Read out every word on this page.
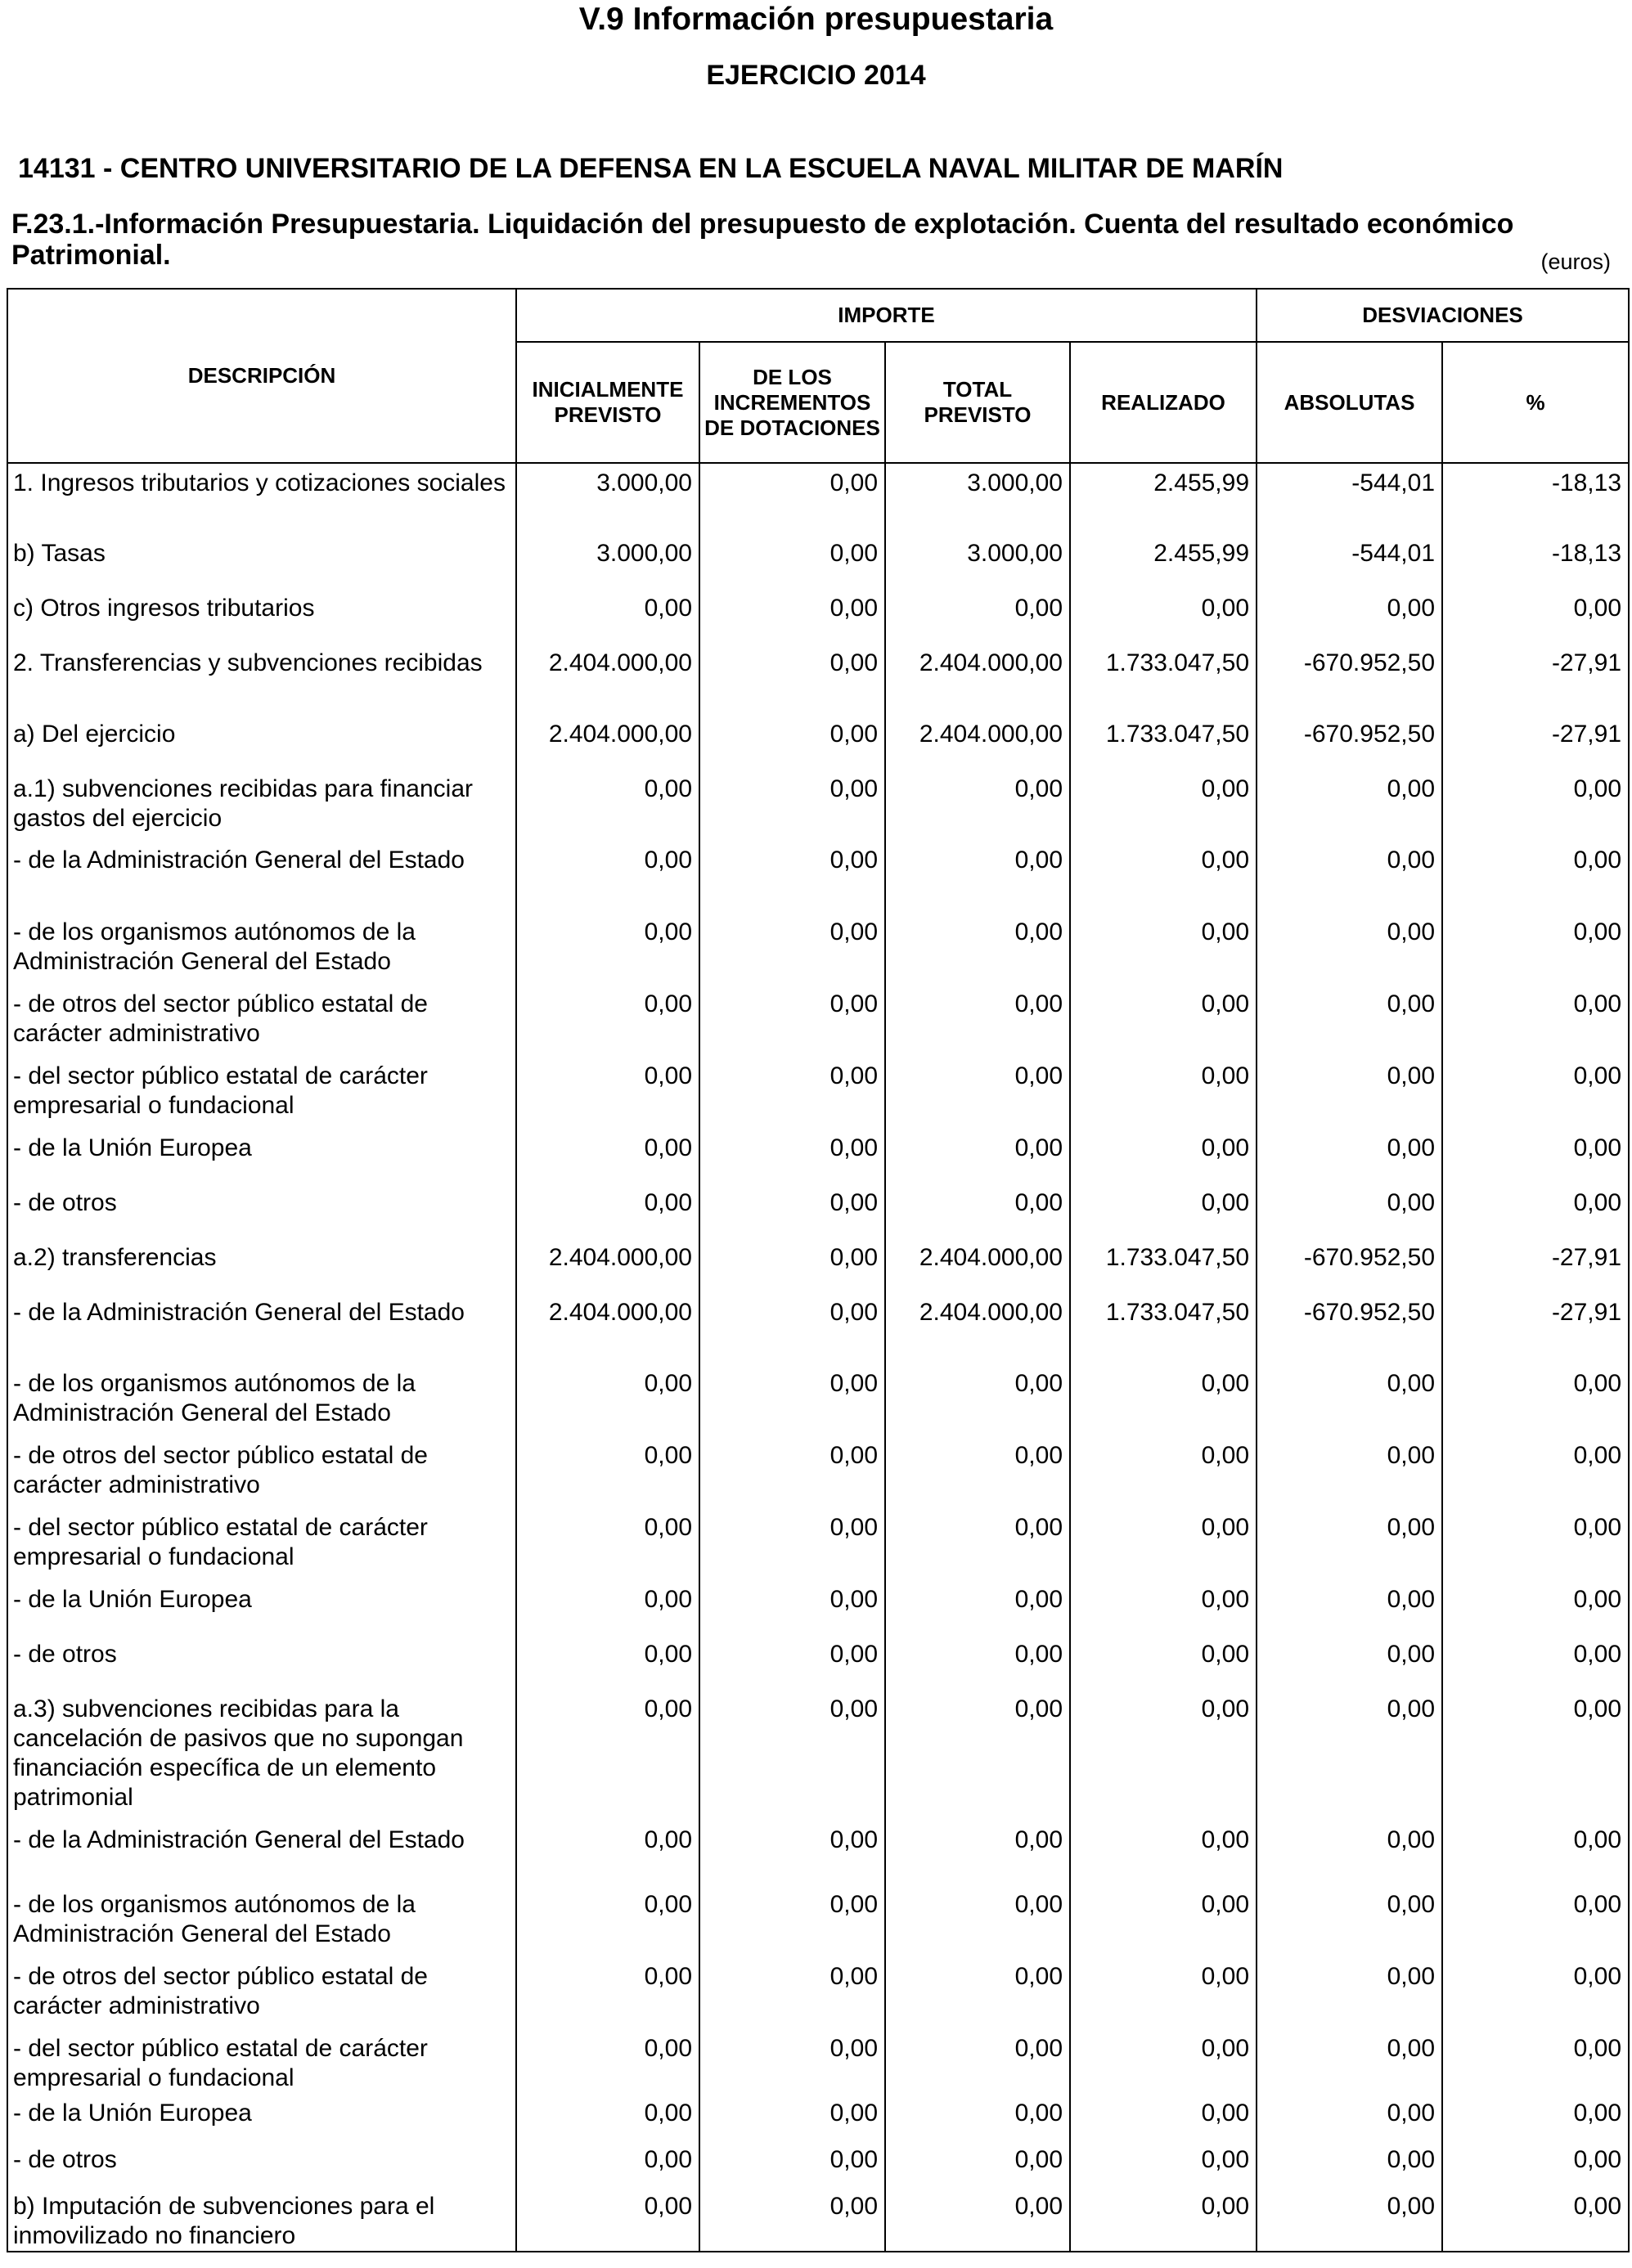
V.9 Información presupuestaria
EJERCICIO 2014

14131 - CENTRO UNIVERSITARIO DE LA DEFENSA EN LA ESCUELA NAVAL MILITAR DE MARÍN

F.23.1.-Información Presupuestaria. Liquidación del presupuesto de explotación. Cuenta del resultado económico Patrimonial.	(euros)

DESCRIPCIÓN	IMPORTE				DESVIACIONES	
	INICIALMENTE PREVISTO	DE LOS INCREMENTOS DE DOTACIONES	TOTAL PREVISTO	REALIZADO	ABSOLUTAS	%
1. Ingresos tributarios y cotizaciones sociales	3.000,00	0,00	3.000,00	2.455,99	-544,01	-18,13
b) Tasas	3.000,00	0,00	3.000,00	2.455,99	-544,01	-18,13
c) Otros ingresos tributarios	0,00	0,00	0,00	0,00	0,00	0,00
2. Transferencias y subvenciones recibidas	2.404.000,00	0,00	2.404.000,00	1.733.047,50	-670.952,50	-27,91
a) Del ejercicio	2.404.000,00	0,00	2.404.000,00	1.733.047,50	-670.952,50	-27,91
a.1) subvenciones recibidas para financiar gastos del ejercicio	0,00	0,00	0,00	0,00	0,00	0,00
- de la Administración General del Estado	0,00	0,00	0,00	0,00	0,00	0,00
- de los organismos autónomos de la Administración General del Estado	0,00	0,00	0,00	0,00	0,00	0,00
- de otros del sector público estatal de carácter administrativo	0,00	0,00	0,00	0,00	0,00	0,00
- del sector público estatal de carácter empresarial o fundacional	0,00	0,00	0,00	0,00	0,00	0,00
- de la Unión Europea	0,00	0,00	0,00	0,00	0,00	0,00
- de otros	0,00	0,00	0,00	0,00	0,00	0,00
a.2) transferencias	2.404.000,00	0,00	2.404.000,00	1.733.047,50	-670.952,50	-27,91
- de la Administración General del Estado	2.404.000,00	0,00	2.404.000,00	1.733.047,50	-670.952,50	-27,91
- de los organismos autónomos de la Administración General del Estado	0,00	0,00	0,00	0,00	0,00	0,00
- de otros del sector público estatal de carácter administrativo	0,00	0,00	0,00	0,00	0,00	0,00
- del sector público estatal de carácter empresarial o fundacional	0,00	0,00	0,00	0,00	0,00	0,00
- de la Unión Europea	0,00	0,00	0,00	0,00	0,00	0,00
- de otros	0,00	0,00	0,00	0,00	0,00	0,00
a.3) subvenciones recibidas para la cancelación de pasivos que no supongan financiación específica de un elemento patrimonial	0,00	0,00	0,00	0,00	0,00	0,00
- de la Administración General del Estado	0,00	0,00	0,00	0,00	0,00	0,00
- de los organismos autónomos de la Administración General del Estado	0,00	0,00	0,00	0,00	0,00	0,00
- de otros del sector público estatal de carácter administrativo	0,00	0,00	0,00	0,00	0,00	0,00
- del sector público estatal de carácter empresarial o fundacional	0,00	0,00	0,00	0,00	0,00	0,00
- de la Unión Europea	0,00	0,00	0,00	0,00	0,00	0,00
- de otros	0,00	0,00	0,00	0,00	0,00	0,00
b) Imputación de subvenciones para el inmovilizado no financiero	0,00	0,00	0,00	0,00	0,00	0,00
